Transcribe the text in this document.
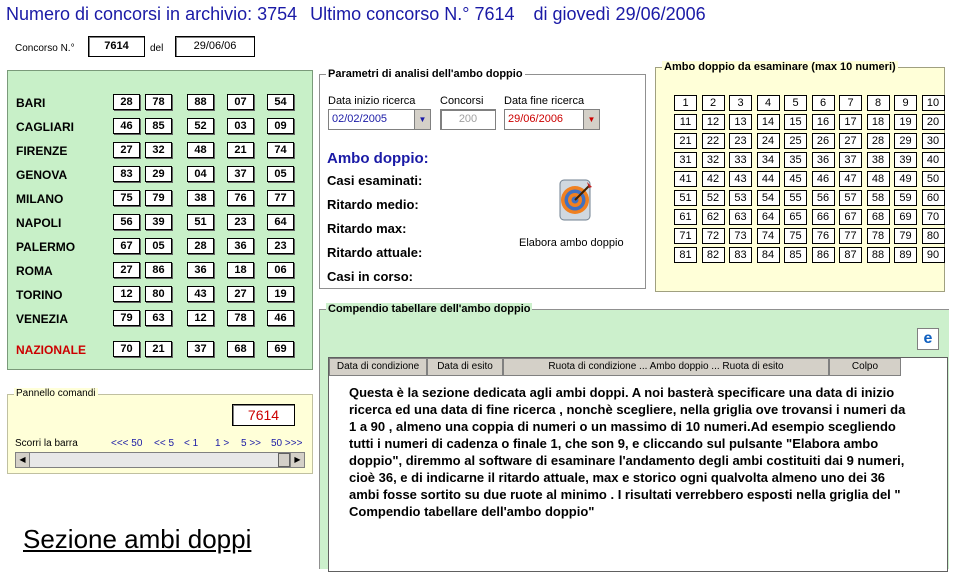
Numero di concorsi in archivio: 3754 Ultimo concorso N.° 7614 di giovedì 29/06/2006
Concorso N.°	7614	del	29/06/06
BARI	28	78	88	07	54
CAGLIARI	46	85	52	03	09
FIRENZE	27	32	48	21	74
GENOVA	83	29	04	37	05
MILANO	75	79	38	76	77
NAPOLI	56	39	51	23	64
PALERMO	67	05	28	36	23
ROMA	27	86	36	18	06
TORINO	12	80	43	27	19
VENEZIA	79	63	12	78	46
NAZIONALE	70	21	37	68	69
Pannello comandi
7614
Scorri la barra	<<< 50 << 5 < 1 1 > 5 >> 50 >>>
◀	▶
Sezione ambi doppi
Parametri di analisi dell'ambo doppio
Data inizio ricerca Concorsi Data fine ricerca
02/02/2005	▼	200	29/06/2006	▼
Ambo doppio:
Casi esaminati:
Ritardo medio:
Ritardo max:
Ritardo attuale:
Casi in corso:
Elabora ambo doppio
Ambo doppio da esaminare (max 10 numeri)
1	2	3	4	5	6	7	8	9	10
11	12	13	14	15	16	17	18	19	20
21	22	23	24	25	26	27	28	29	30
31	32	33	34	35	36	37	38	39	40
41	42	43	44	45	46	47	48	49	50
51	52	53	54	55	56	57	58	59	60
61	62	63	64	65	66	67	68	69	70
71	72	73	74	75	76	77	78	79	80
81	82	83	84	85	86	87	88	89	90
Compendio tabellare dell'ambo doppio
e
Data di condizione	Data di esito	Ruota di condizione ... Ambo doppio ... Ruota di esito	Colpo
Questa è la sezione dedicata agli ambi doppi. A noi basterà specificare una data di inizio ricerca ed una data di fine ricerca , nonchè scegliere, nella griglia ove trovansi i numeri da 1 a 90 , almeno una coppia di numeri o un massimo di 10 numeri.Ad esempio scegliendo tutti i numeri di cadenza o finale 1, che son 9, e cliccando sul pulsante "Elabora ambo doppio", diremmo al software di esaminare l'andamento degli ambi costituiti dai 9 numeri, cioè 36, e di indicarne il ritardo attuale, max e storico ogni qualvolta almeno uno dei 36 ambi fosse sortito su due ruote al minimo . I risultati verrebbero esposti nella griglia del " Compendio tabellare dell'ambo doppio"
